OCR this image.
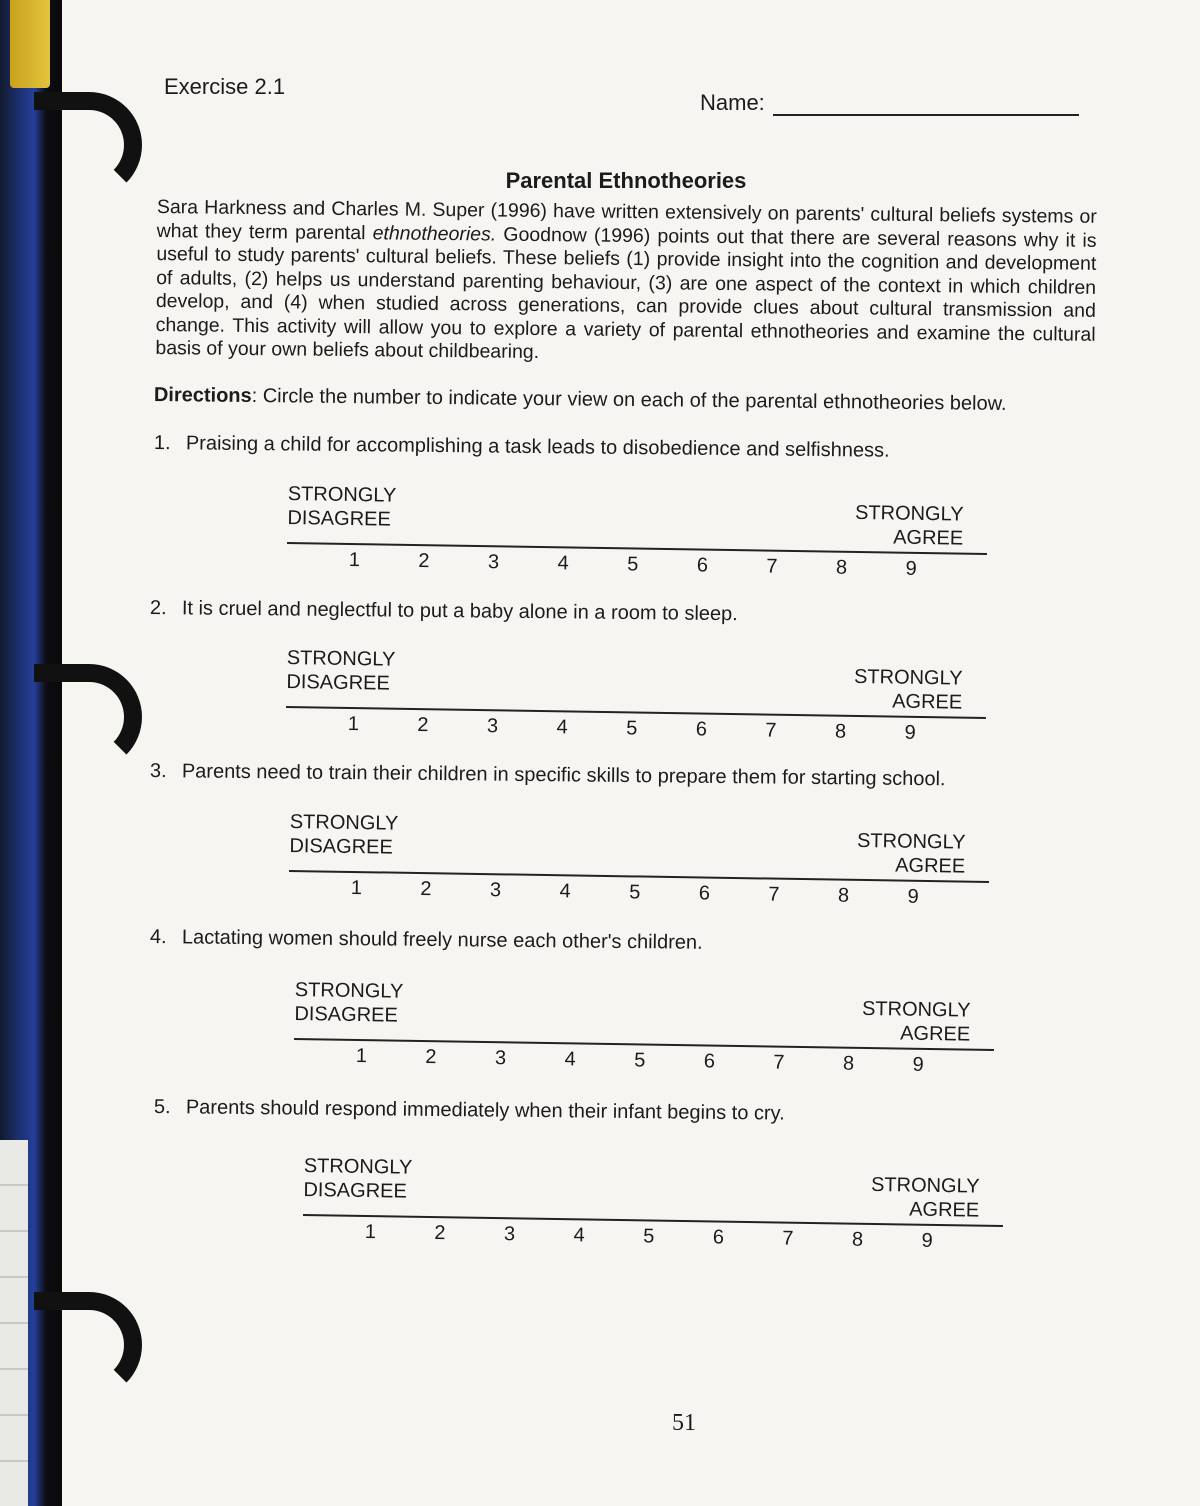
Exercise 2.1
Name:
Parental Ethnotheories
Sara Harkness and Charles M. Super (1996) have written extensively on parents' cultural beliefs systems or what they term parental ethnotheories. Goodnow (1996) points out that there are several reasons why it is useful to study parents' cultural beliefs. These beliefs (1) provide insight into the cognition and development of adults, (2) helps us understand parenting behaviour, (3) are one aspect of the context in which children develop, and (4) when studied across generations, can provide clues about cultural transmission and change. This activity will allow you to explore a variety of parental ethnotheories and examine the cultural basis of your own beliefs about childbearing.
Directions: Circle the number to indicate your view on each of the parental ethnotheories below.
1. Praising a child for accomplishing a task leads to disobedience and selfishness.
STRONGLY
DISAGREE	STRONGLY
AGREE
1	2	3	4	5	6	7	8	9
2. It is cruel and neglectful to put a baby alone in a room to sleep.
STRONGLY
DISAGREE	STRONGLY
AGREE
1	2	3	4	5	6	7	8	9
3. Parents need to train their children in specific skills to prepare them for starting school.
STRONGLY
DISAGREE	STRONGLY
AGREE
1	2	3	4	5	6	7	8	9
4. Lactating women should freely nurse each other's children.
STRONGLY
DISAGREE	STRONGLY
AGREE
1	2	3	4	5	6	7	8	9
5. Parents should respond immediately when their infant begins to cry.
STRONGLY
DISAGREE	STRONGLY
AGREE
1	2	3	4	5	6	7	8	9
51
